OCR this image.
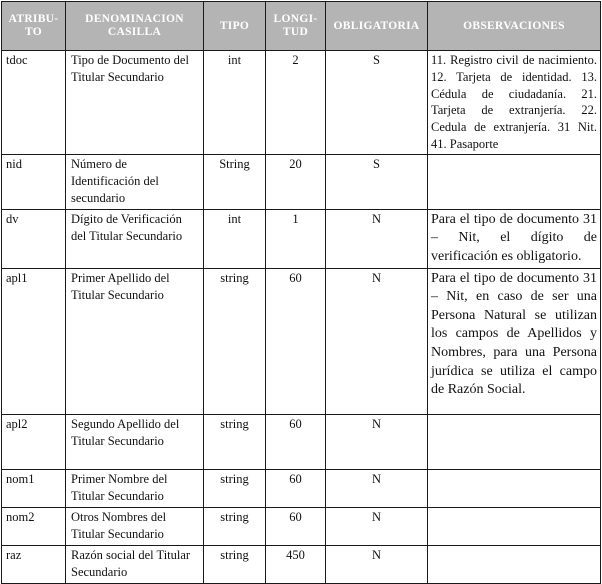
ATRIBU-TO	DENOMINACION CASILLA	TIPO	LONGI-TUD	OBLIGATORIA	OBSERVACIONES
tdoc	Tipo de Documento del Titular Secundario	int	2	S	11. Registro civil de nacimiento. 12. Tarjeta de identidad. 13. Cédula de ciudadanía. 21. Tarjeta de extranjería. 22. Cedula de extranjería. 31 Nit. 41. Pasaporte
nid	Número de Identificación del secundario	String	20	S	
dv	Dígito de Verificación del Titular Secundario	int	1	N	Para el tipo de documento 31 – Nit, el dígito de verificación es obligatorio.
apl1	Primer Apellido del Titular Secundario	string	60	N	Para el tipo de documento 31 – Nit, en caso de ser una Persona Natural se utilizan los campos de Apellidos y Nombres, para una Persona jurídica se utiliza el campo de Razón Social.
apl2	Segundo Apellido del Titular Secundario	string	60	N	
nom1	Primer Nombre del Titular Secundario	string	60	N	
nom2	Otros Nombres del Titular Secundario	string	60	N	
raz	Razón social del Titular Secundario	string	450	N	
